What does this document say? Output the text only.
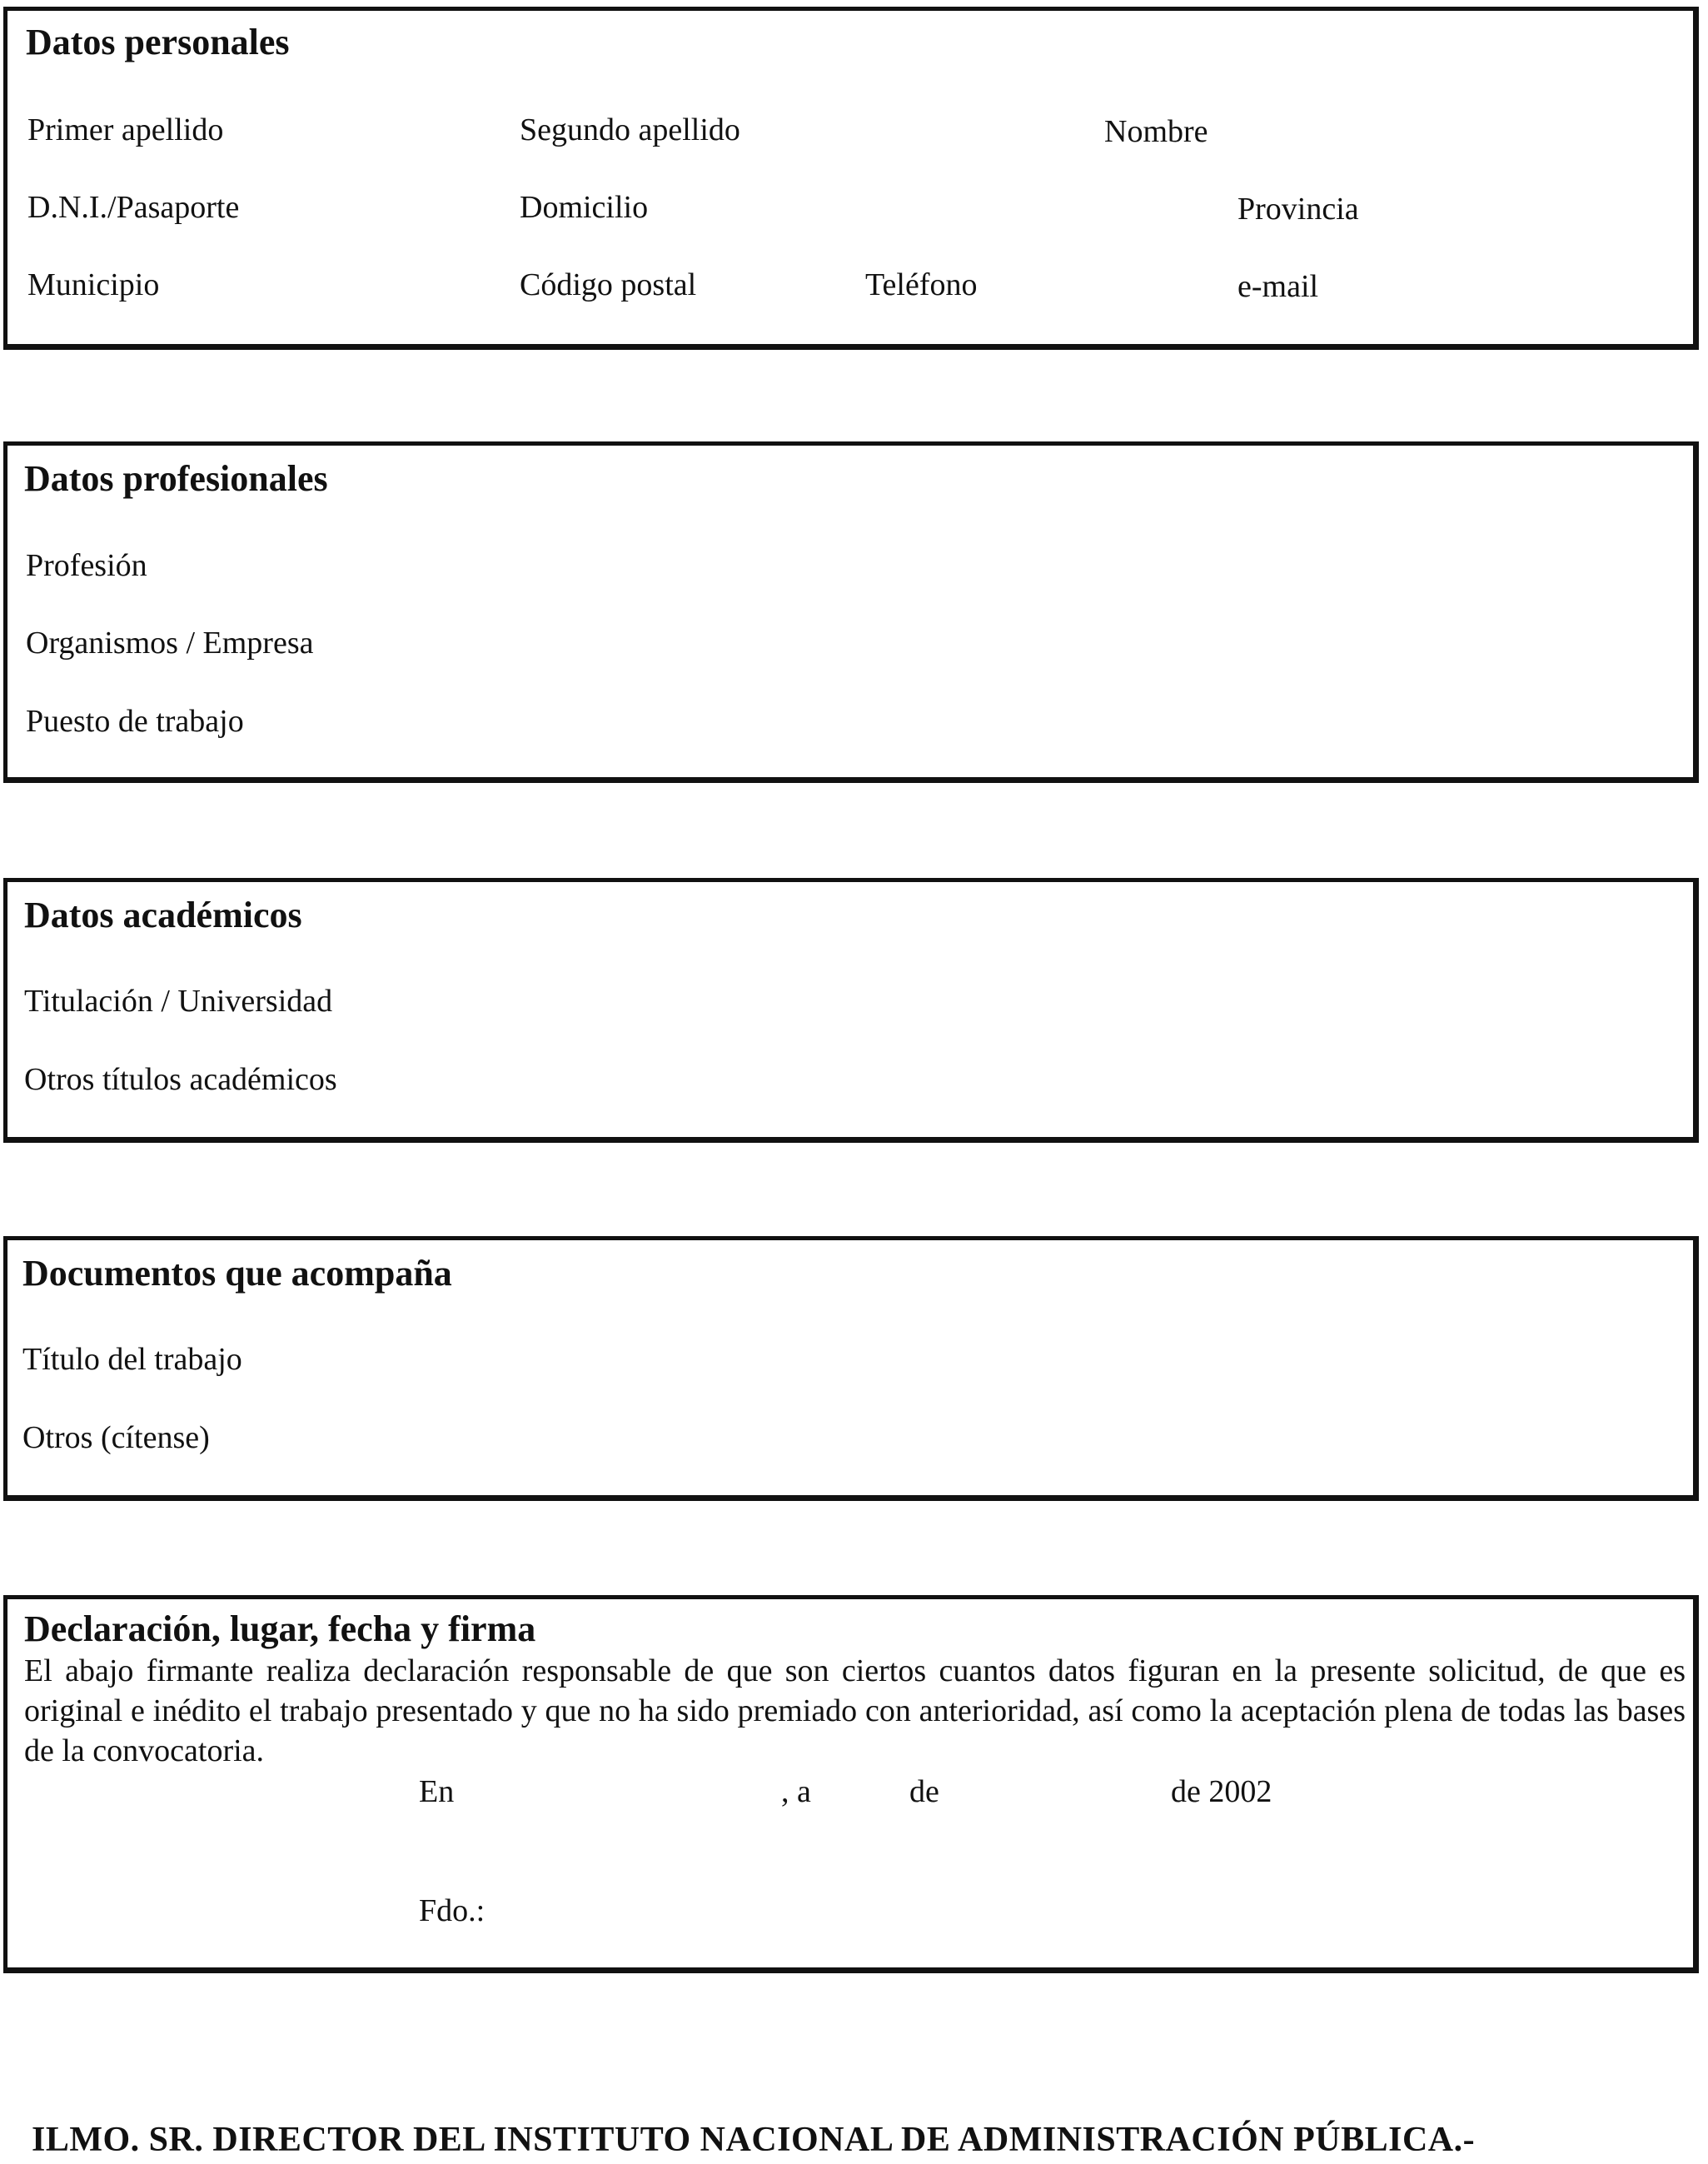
Datos personales
Primer apellido	Segundo apellido	Nombre
D.N.I./Pasaporte	Domicilio	Provincia
Municipio	Código postal	Teléfono	e-mail
Datos profesionales
Profesión
Organismos / Empresa
Puesto de trabajo
Datos académicos
Titulación / Universidad
Otros títulos académicos
Documentos que acompaña
Título del trabajo
Otros (cítense)
Declaración, lugar, fecha y firma
El abajo firmante realiza declaración responsable de que son ciertos cuantos datos figuran en la presente solicitud, de que es original e inédito el trabajo presentado y que no ha sido premiado con anterioridad, así como la aceptación plena de todas las bases de la convocatoria.
En	, a	de	de 2002
Fdo.:
ILMO. SR. DIRECTOR DEL INSTITUTO NACIONAL DE ADMINISTRACIÓN PÚBLICA.-
